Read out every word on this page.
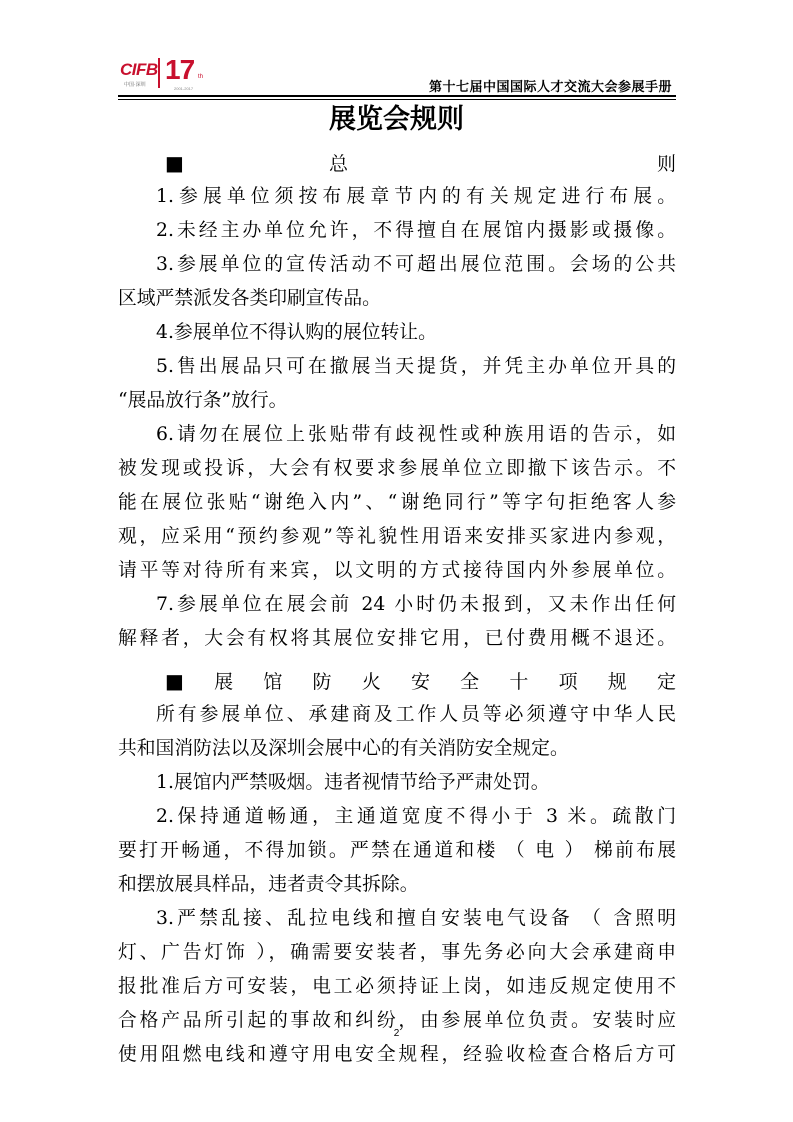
CIFB
中国·深圳 17 th
2001-2017	第十七届中国国际人才交流大会参展手册
展览会规则
■总　则
1.参展单位须按布展章节内的有关规定进行布展。
2.未经主办单位允许，不得擅自在展馆内摄影或摄像。
3.参展单位的宣传活动不可超出展位范围。会场的公共
区域严禁派发各类印刷宣传品。
4.参展单位不得认购的展位转让。
5.售出展品只可在撤展当天提货，并凭主办单位开具的
“展品放行条”放行。
6.请勿在展位上张贴带有歧视性或种族用语的告示，如
被发现或投诉，大会有权要求参展单位立即撤下该告示。不
能在展位张贴“谢绝入内”、“谢绝同行”等字句拒绝客人参
观，应采用“预约参观”等礼貌性用语来安排买家进内参观，
请平等对待所有来宾，以文明的方式接待国内外参展单位。
7.参展单位在展会前 24 小时仍未报到，又未作出任何
解释者，大会有权将其展位安排它用，已付费用概不退还。
■展馆防火安全十项规定
所有参展单位、承建商及工作人员等必须遵守中华人民
共和国消防法以及深圳会展中心的有关消防安全规定。
1.展馆内严禁吸烟。违者视情节给予严肃处罚。
2.保持通道畅通，主通道宽度不得小于 3 米。疏散门
要打开畅通，不得加锁。严禁在通道和楼 （ 电 ） 梯前布展
和摆放展具样品，违者责令其拆除。
3.严禁乱接、乱拉电线和擅自安装电气设备 （ 含照明
灯、广告灯饰 ），确需要安装者，事先务必向大会承建商申
报批准后方可安装，电工必须持证上岗，如违反规定使用不
合格产品所引起的事故和纠纷，由参展单位负责。安装时应
使用阻燃电线和遵守用电安全规程，经验收检查合格后方可
2
